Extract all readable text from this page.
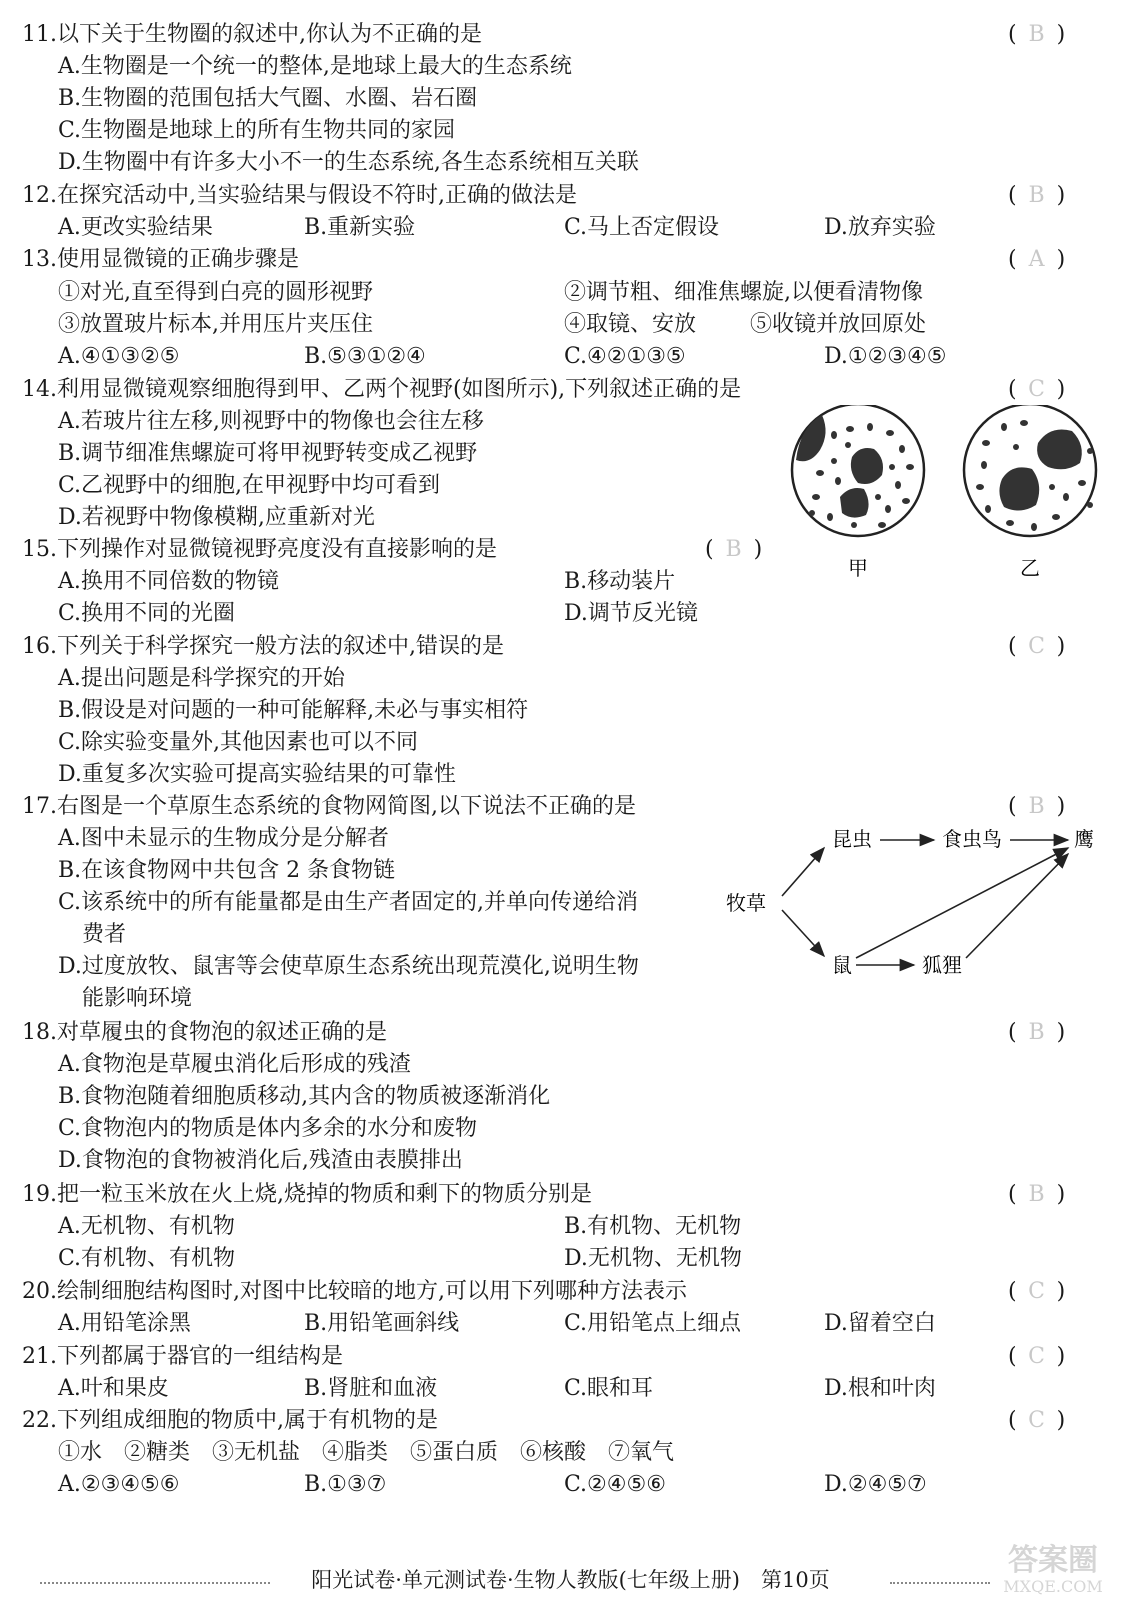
11.以下关于生物圈的叙述中,你认为不正确的是	( B )
A.生物圈是一个统一的整体,是地球上最大的生态系统
B.生物圈的范围包括大气圈、水圈、岩石圈
C.生物圈是地球上的所有生物共同的家园
D.生物圈中有许多大小不一的生态系统,各生态系统相互关联
12.在探究活动中,当实验结果与假设不符时,正确的做法是	( B )
A.更改实验结果	B.重新实验	C.马上否定假设	D.放弃实验
13.使用显微镜的正确步骤是	( A )
①对光,直至得到白亮的圆形视野	②调节粗、细准焦螺旋,以便看清物像
③放置玻片标本,并用压片夹压住	④取镜、安放 ⑤收镜并放回原处
A.④①③②⑤	B.⑤③①②④	C.④②①③⑤	D.①②③④⑤
14.利用显微镜观察细胞得到甲、乙两个视野(如图所示),下列叙述正确的是	( C )
A.若玻片往左移,则视野中的物像也会往左移
B.调节细准焦螺旋可将甲视野转变成乙视野
C.乙视野中的细胞,在甲视野中均可看到
D.若视野中物像模糊,应重新对光
甲	乙
15.下列操作对显微镜视野亮度没有直接影响的是	( B )
A.换用不同倍数的物镜	B.移动装片
C.换用不同的光圈	D.调节反光镜
16.下列关于科学探究一般方法的叙述中,错误的是	( C )
A.提出问题是科学探究的开始
B.假设是对问题的一种可能解释,未必与事实相符
C.除实验变量外,其他因素也可以不同
D.重复多次实验可提高实验结果的可靠性
17.右图是一个草原生态系统的食物网简图,以下说法不正确的是	( B )
A.图中未显示的生物成分是分解者
B.在该食物网中共包含 2 条食物链
C.该系统中的所有能量都是由生产者固定的,并单向传递给消
费者
D.过度放牧、鼠害等会使草原生态系统出现荒漠化,说明生物
能影响环境
牧草
昆虫	食虫鸟	鹰
鼠	狐狸
18.对草履虫的食物泡的叙述正确的是	( B )
A.食物泡是草履虫消化后形成的残渣
B.食物泡随着细胞质移动,其内含的物质被逐渐消化
C.食物泡内的物质是体内多余的水分和废物
D.食物泡的食物被消化后,残渣由表膜排出
19.把一粒玉米放在火上烧,烧掉的物质和剩下的物质分别是	( B )
A.无机物、有机物	B.有机物、无机物
C.有机物、有机物	D.无机物、无机物
20.绘制细胞结构图时,对图中比较暗的地方,可以用下列哪种方法表示	( C )
A.用铅笔涂黑	B.用铅笔画斜线	C.用铅笔点上细点	D.留着空白
21.下列都属于器官的一组结构是	( C )
A.叶和果皮	B.肾脏和血液	C.眼和耳	D.根和叶肉
22.下列组成细胞的物质中,属于有机物的是	( C )
①水　②糖类　③无机盐　④脂类　⑤蛋白质　⑥核酸　⑦氧气
A.②③④⑤⑥	B.①③⑦	C.②④⑤⑥	D.②④⑤⑦
阳光试卷·单元测试卷·生物人教版(七年级上册)　第10页
答案圈
MXQE.COM
